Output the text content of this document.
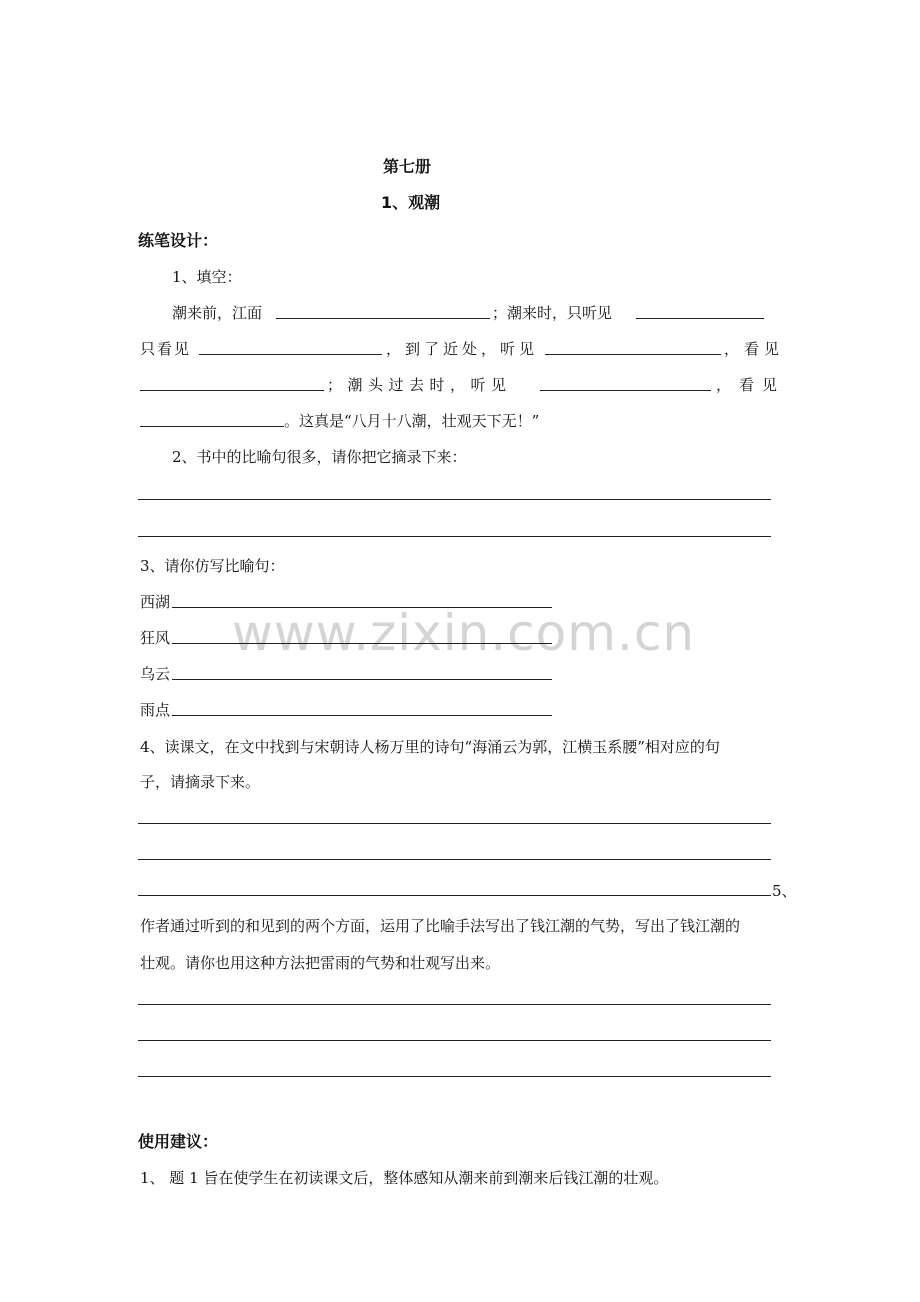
www.zixin.com.cn
第七册
1、观潮
练笔设计：
1、填空：
潮来前，江面	；潮来时，只听见
只看见	，到了近处，听见	，看见
；潮头过去时，听见	，看见
。这真是“八月十八潮，壮观天下无！”
2、书中的比喻句很多，请你把它摘录下来：
3、请你仿写比喻句：
西湖
狂风
乌云
雨点
4、读课文，在文中找到与宋朝诗人杨万里的诗句“海涌云为郭，江横玉系腰”相对应的句
子，请摘录下来。
5、
作者通过听到的和见到的两个方面，运用了比喻手法写出了钱江潮的气势，写出了钱江潮的
壮观。请你也用这种方法把雷雨的气势和壮观写出来。
使用建议：
1、 题 1 旨在使学生在初读课文后，整体感知从潮来前到潮来后钱江潮的壮观。
